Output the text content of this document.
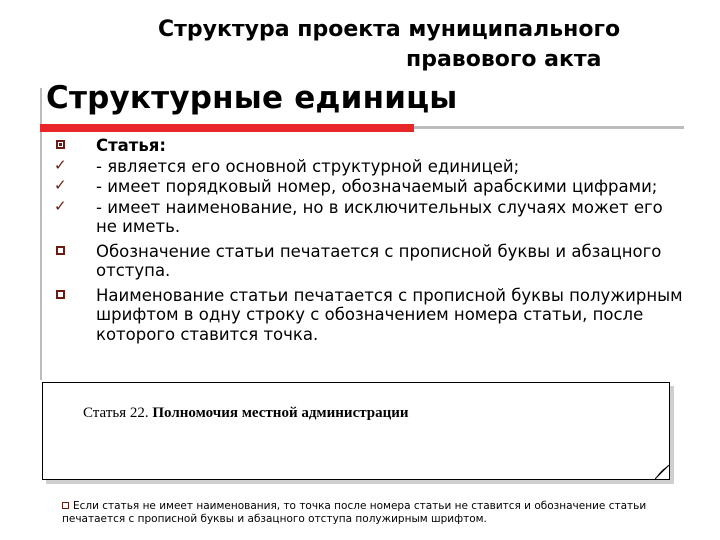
Структура проекта муниципального
правового акта
Структурные единицы
Статья:
✓ - является его основной структурной единицей;
✓ - имеет порядковый номер, обозначаемый арабскими цифрами;
✓ - имеет наименование, но в исключительных случаях может его не иметь.
Обозначение статьи печатается с прописной буквы и абзацного отступа.
Наименование статьи печатается с прописной буквы полужирным шрифтом в одну строку с обозначением номера статьи, после которого ставится точка.
Статья 22. Полномочия местной администрации
Если статья не имеет наименования, то точка после номера статьи не ставится и обозначение статьи печатается с прописной буквы и абзацного отступа полужирным шрифтом.
